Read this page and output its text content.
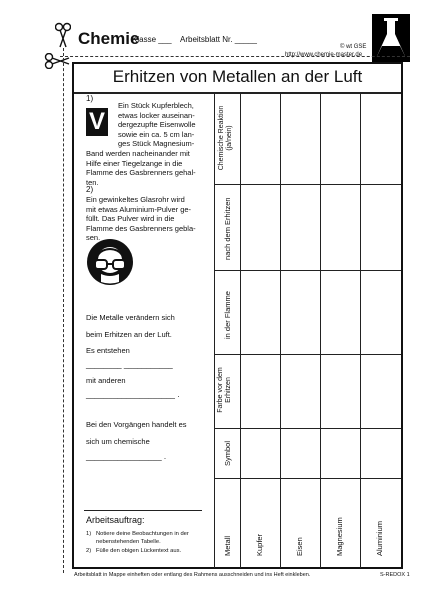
Chemie
Klasse ___ Arbeitsblatt Nr. _____
© wt GSE
http://www.chemie-master.de
Erhitzen von Metallen an der Luft
1)
V
Ein Stück Kupferblech,
etwas locker auseinan-
dergezupfte Eisenwolle
sowie ein ca. 5 cm lan-
ges Stück Magnesium-
Band werden nacheinander mit
Hilfe einer Tiegelzange in die
Flamme des Gasbrenners gehal-
ten.
2)
Ein gewinkeltes Glasrohr wird
mit etwas Aluminium-Pulver ge-
füllt. Das Pulver wird in die
Flamme des Gasbrenners gebla-
sen.
Die Metalle verändern sich
beim Erhitzen an der Luft.
Es entstehen
________ ___________
mit anderen
____________________ .
Bei den Vorgängen handelt es
sich um chemische
_________________ .
Arbeitsauftrag:
1) Notiere deine Beobachtungen in der
nebenstehenden Tabelle.
2) Fülle den obigen Lückentext aus.
Chemische Reaktion (ja/nein)
nach dem Erhitzen
in der Flamme
Farbe vor dem Erhitzen
Symbol
Metall	Kupfer	Eisen	Magnesium	Aluminium
Arbeitsblatt in Mappe einheften oder entlang des Rahmens ausschneiden und ins Heft einkleben.	S-REDOX 1
